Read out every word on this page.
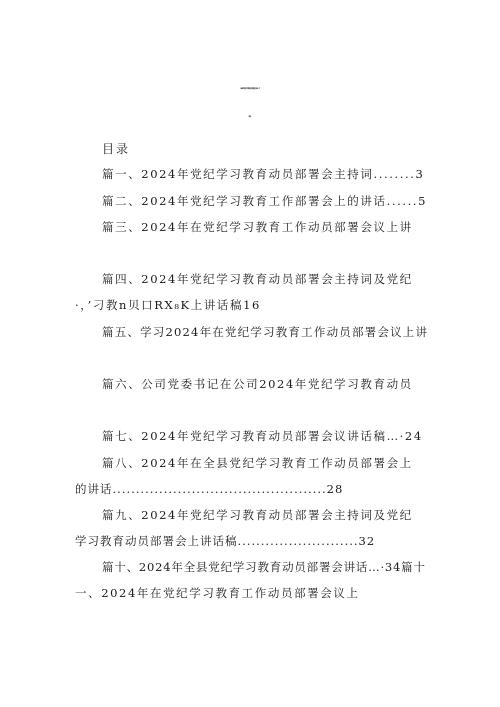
2024年党纪学习教育动员部署会主持词（共
11篇）
目录
篇一、2024年党纪学习教育动员部署会主持词........3
篇二、2024年党纪学习教育工作部署会上的讲话......5
篇三、2024年在党纪学习教育工作动员部署会议上讲
篇四、2024年党纪学习教育动员部署会主持词及党纪
·，’刁教n贝口RX₈K上讲话稿16
篇五、学习2024年在党纪学习教育工作动员部署会议上讲
篇六、公司党委书记在公司2024年党纪学习教育动员
篇七、2024年党纪学习教育动员部署会议讲话稿…·24
篇八、2024年在全县党纪学习教育工作动员部署会上
的讲话..............................................28
篇九、2024年党纪学习教育动员部署会主持词及党纪
学习教育动员部署会上讲话稿..........................32
篇十、2024年全县党纪学习教育动员部署会讲话…·34篇十
一、2024年在党纪学习教育工作动员部署会议上
